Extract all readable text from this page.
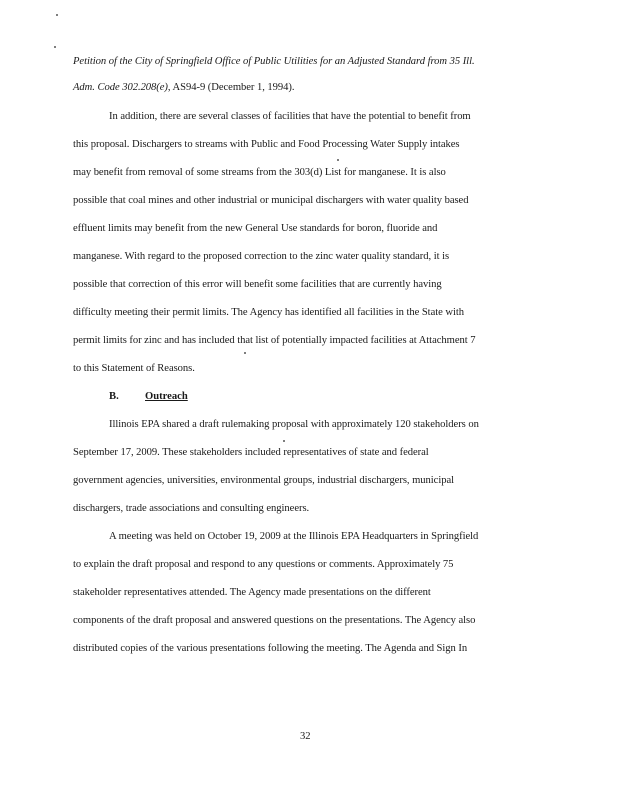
Petition of the City of Springfield Office of Public Utilities for an Adjusted Standard from 35 Ill.
Adm. Code 302.208(e), AS94-9 (December 1, 1994).
In addition, there are several classes of facilities that have the potential to benefit from
this proposal. Dischargers to streams with Public and Food Processing Water Supply intakes
may benefit from removal of some streams from the 303(d) List for manganese. It is also
possible that coal mines and other industrial or municipal dischargers with water quality based
effluent limits may benefit from the new General Use standards for boron, fluoride and
manganese. With regard to the proposed correction to the zinc water quality standard, it is
possible that correction of this error will benefit some facilities that are currently having
difficulty meeting their permit limits. The Agency has identified all facilities in the State with
permit limits for zinc and has included that list of potentially impacted facilities at Attachment 7
to this Statement of Reasons.
B. Outreach
Illinois EPA shared a draft rulemaking proposal with approximately 120 stakeholders on
September 17, 2009. These stakeholders included representatives of state and federal
government agencies, universities, environmental groups, industrial dischargers, municipal
dischargers, trade associations and consulting engineers.
A meeting was held on October 19, 2009 at the Illinois EPA Headquarters in Springfield
to explain the draft proposal and respond to any questions or comments. Approximately 75
stakeholder representatives attended. The Agency made presentations on the different
components of the draft proposal and answered questions on the presentations. The Agency also
distributed copies of the various presentations following the meeting. The Agenda and Sign In
32
